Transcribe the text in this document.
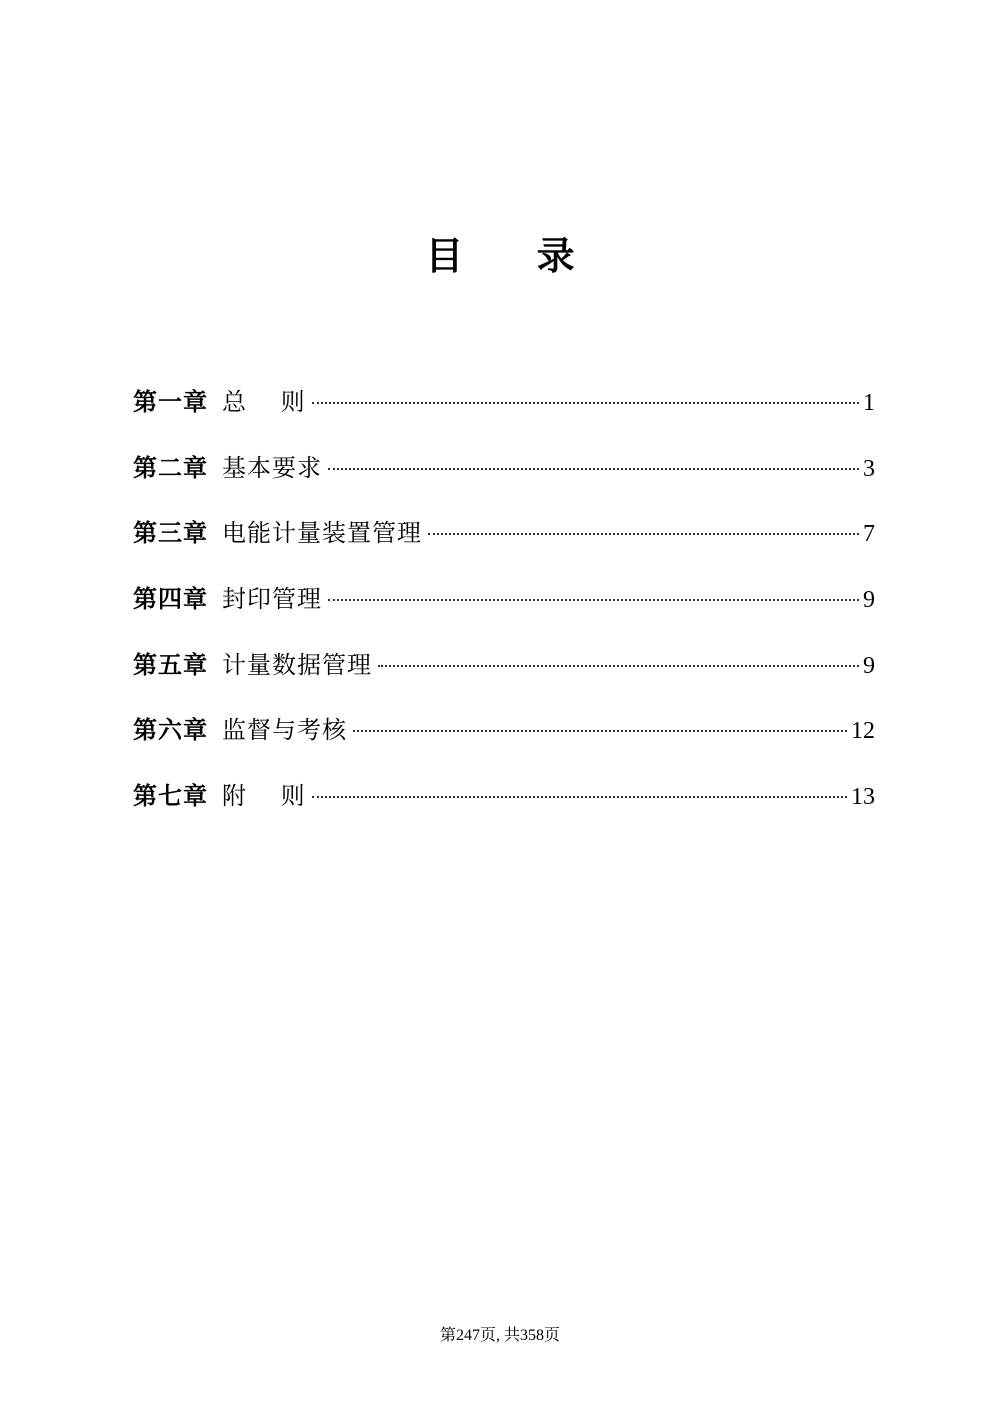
目 录
第一章 总　 则	1
第二章 基本要求	3
第三章 电能计量装置管理	7
第四章 封印管理	9
第五章 计量数据管理	9
第六章 监督与考核	12
第七章 附　 则	13
第247页, 共358页
